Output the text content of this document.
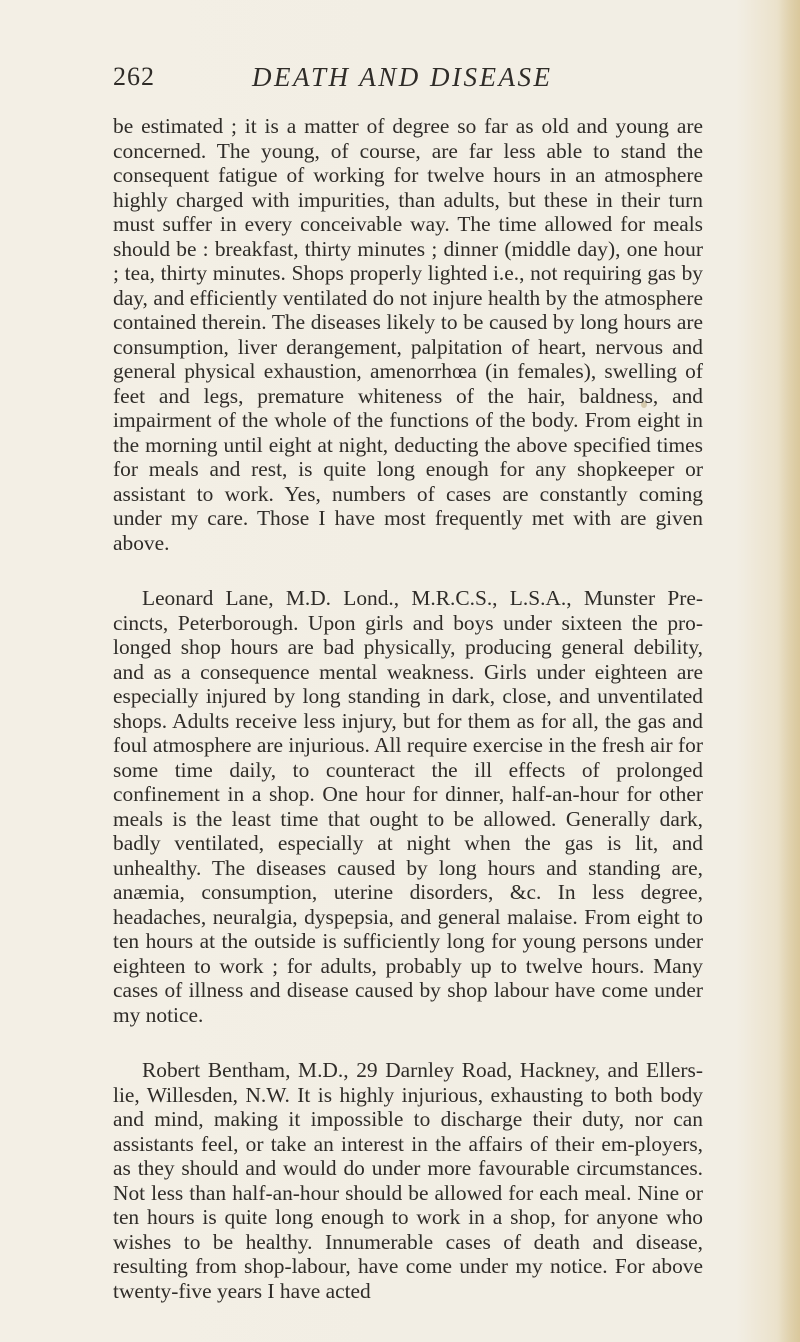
262	DEATH AND DISEASE

be estimated ; it is a matter of degree so far as old and young are concerned. The young, of course, are far less able to stand the consequent fatigue of working for twelve hours in an atmosphere highly charged with impurities, than adults, but these in their turn must suffer in every conceivable way. The time allowed for meals should be : breakfast, thirty minutes ; dinner (middle day), one hour ; tea, thirty minutes. Shops properly lighted i.e., not requiring gas by day, and efficiently ventilated do not injure health by the atmosphere contained therein. The diseases likely to be caused by long hours are consumption, liver derangement, palpitation of heart, nervous and general physical exhaustion, amenorrhœa (in females), swelling of feet and legs, premature whiteness of the hair, baldness, and impairment of the whole of the functions of the body. From eight in the morning until eight at night, deducting the above specified times for meals and rest, is quite long enough for any shopkeeper or assistant to work. Yes, numbers of cases are constantly coming under my care. Those I have most frequently met with are given above.

Leonard Lane, M.D. Lond., M.R.C.S., L.S.A., Munster Pre-cincts, Peterborough. Upon girls and boys under sixteen the pro-longed shop hours are bad physically, producing general debility, and as a consequence mental weakness. Girls under eighteen are especially injured by long standing in dark, close, and unventilated shops. Adults receive less injury, but for them as for all, the gas and foul atmosphere are injurious. All require exercise in the fresh air for some time daily, to counteract the ill effects of prolonged confinement in a shop. One hour for dinner, half-an-hour for other meals is the least time that ought to be allowed. Generally dark, badly ventilated, especially at night when the gas is lit, and unhealthy. The diseases caused by long hours and standing are, anæmia, consumption, uterine disorders, &c. In less degree, headaches, neuralgia, dyspepsia, and general malaise. From eight to ten hours at the outside is sufficiently long for young persons under eighteen to work ; for adults, probably up to twelve hours. Many cases of illness and disease caused by shop labour have come under my notice.

Robert Bentham, M.D., 29 Darnley Road, Hackney, and Ellers-lie, Willesden, N.W. It is highly injurious, exhausting to both body and mind, making it impossible to discharge their duty, nor can assistants feel, or take an interest in the affairs of their em-ployers, as they should and would do under more favourable circumstances. Not less than half-an-hour should be allowed for each meal. Nine or ten hours is quite long enough to work in a shop, for anyone who wishes to be healthy. Innumerable cases of death and disease, resulting from shop-labour, have come under my notice. For above twenty-five years I have acted
